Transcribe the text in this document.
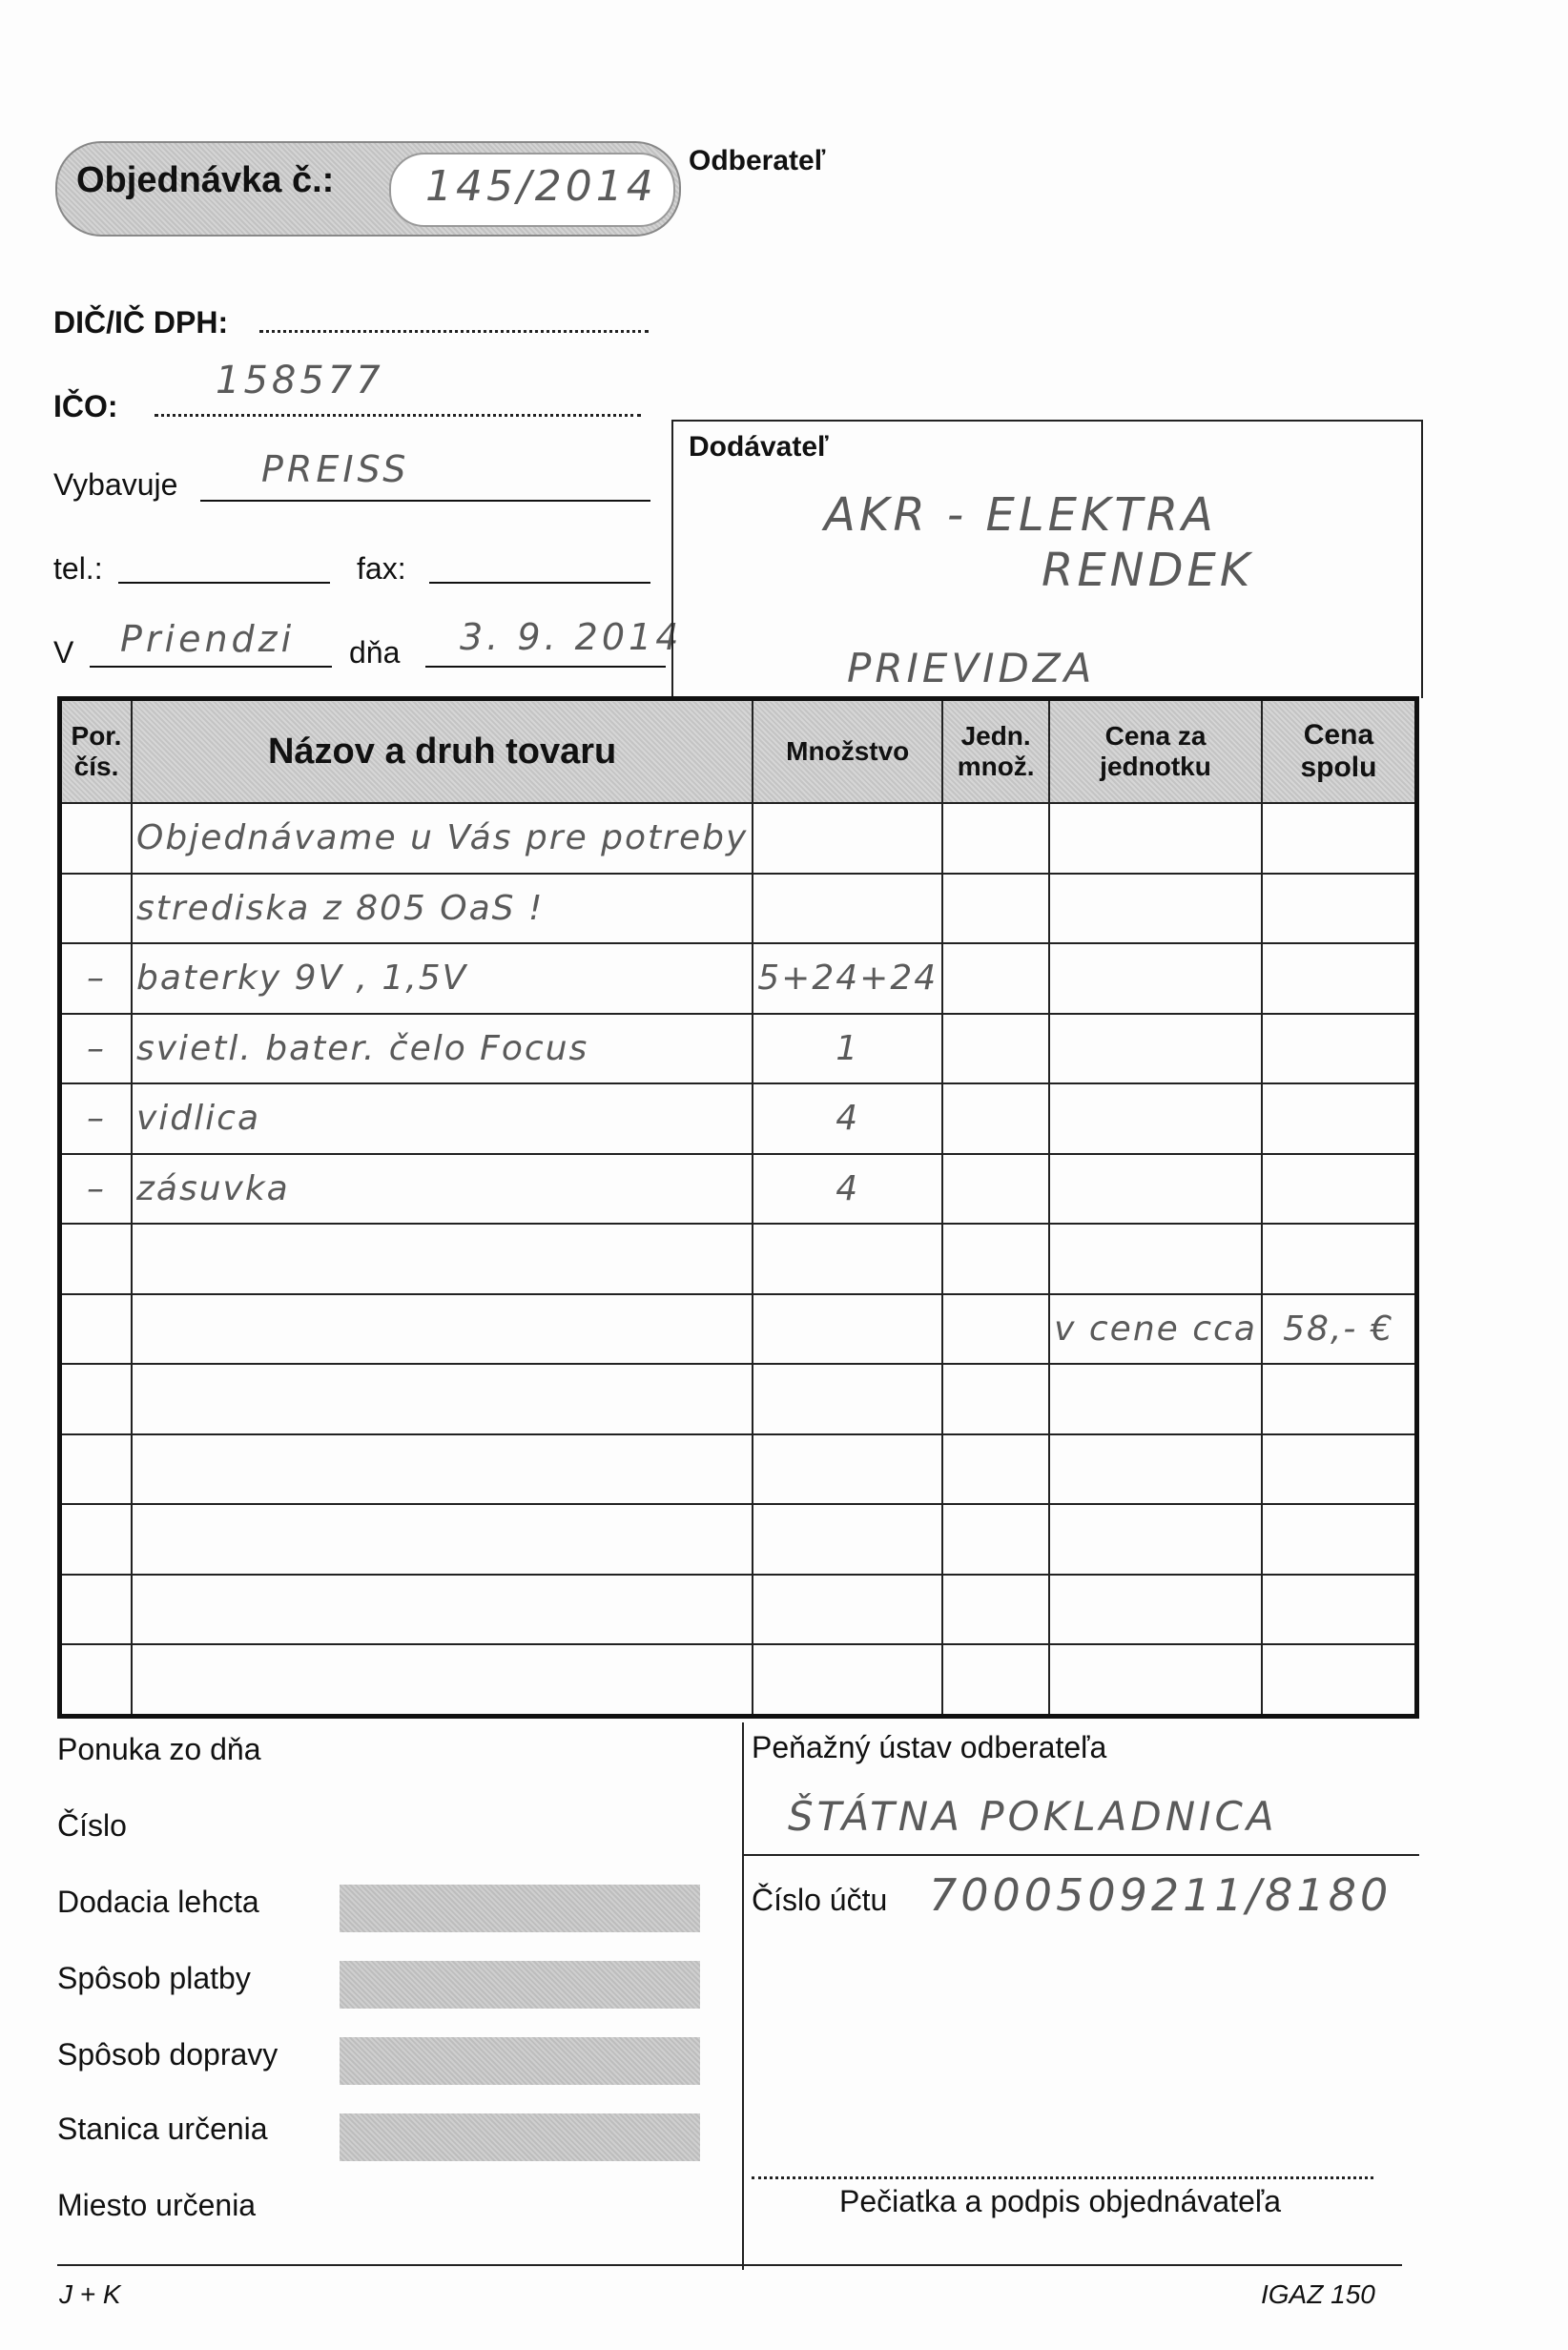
Objednávka č.: 145/2014
Odberateľ
DIČ/IČ DPH:
IČO:
158577
Vybavuje PREISS
tel.:	fax:
V Priendzi dňa 3. 9. 2014
Dodávateľ
AKR - ELEKTRA
RENDEK
PRIEVIDZA
Por. čís.	Názov a druh tovaru	Množstvo	Jedn. množ.	Cena za jednotku	Cena spolu
	Objednávame u Vás pre potreby				
	strediska z 805 OaS !				
–	baterky 9V , 1,5V	5+24+24			
–	svietl. bater. čelo Focus	1			
–	vidlica	4			
–	zásuvka	4			

				v cene cca	58,- €

Ponuka zo dňa
Číslo
Dodacia lehcta
Spôsob platby
Spôsob dopravy
Stanica určenia
Miesto určenia
Peňažný ústav odberateľa
ŠTÁTNA POKLADNICA
Číslo účtu 7000509211/8180
Pečiatka a podpis objednávateľa
J + K	IGAZ 150
